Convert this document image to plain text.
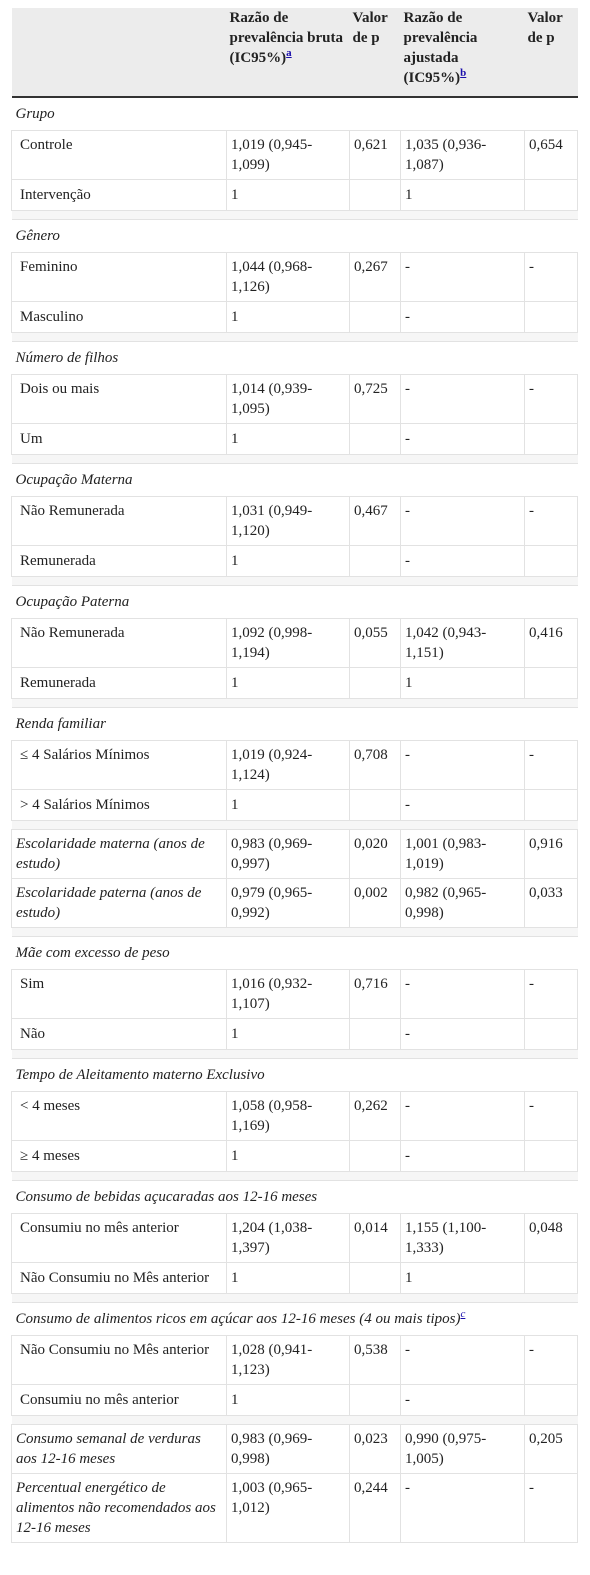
	Razão de prevalência bruta (IC95%)$^a$	Valor de p	Razão de prevalência ajustada (IC95%)$^b$	Valor de p
Grupo				
Controle	1,019 (0,945-1,099)	0,621	1,035 (0,936-1,087)	0,654
Intervenção	1		1	

Gênero				
Feminino	1,044 (0,968-1,126)	0,267	-	-
Masculino	1		-	

Número de filhos				
Dois ou mais	1,014 (0,939-1,095)	0,725	-	-
Um	1		-	

Ocupação Materna				
Não Remunerada	1,031 (0,949-1,120)	0,467	-	-
Remunerada	1		-	

Ocupação Paterna				
Não Remunerada	1,092 (0,998-1,194)	0,055	1,042 (0,943-1,151)	0,416
Remunerada	1		1	

Renda familiar				
≤ 4 Salários Mínimos	1,019 (0,924-1,124)	0,708	-	-
> 4 Salários Mínimos	1		-	

Escolaridade materna (anos de estudo)	0,983 (0,969-0,997)	0,020	1,001 (0,983-1,019)	0,916
Escolaridade paterna (anos de estudo)	0,979 (0,965-0,992)	0,002	0,982 (0,965-0,998)	0,033

Mãe com excesso de peso				
Sim	1,016 (0,932-1,107)	0,716	-	-
Não	1		-	

Tempo de Aleitamento materno Exclusivo				
< 4 meses	1,058 (0,958-1,169)	0,262	-	-
≥ 4 meses	1		-	

Consumo de bebidas açucaradas aos 12-16 meses				
Consumiu no mês anterior	1,204 (1,038-1,397)	0,014	1,155 (1,100-1,333)	0,048
Não Consumiu no Mês anterior	1		1	

Consumo de alimentos ricos em açúcar aos 12-16 meses (4 ou mais tipos)$^c$
Não Consumiu no Mês anterior	1,028 (0,941-1,123)	0,538	-	-
Consumiu no mês anterior	1		-	

Consumo semanal de verduras aos 12-16 meses	0,983 (0,969-0,998)	0,023	0,990 (0,975-1,005)	0,205
Percentual energético de alimentos não recomendados aos 12-16 meses	1,003 (0,965-1,012)	0,244	-	-
